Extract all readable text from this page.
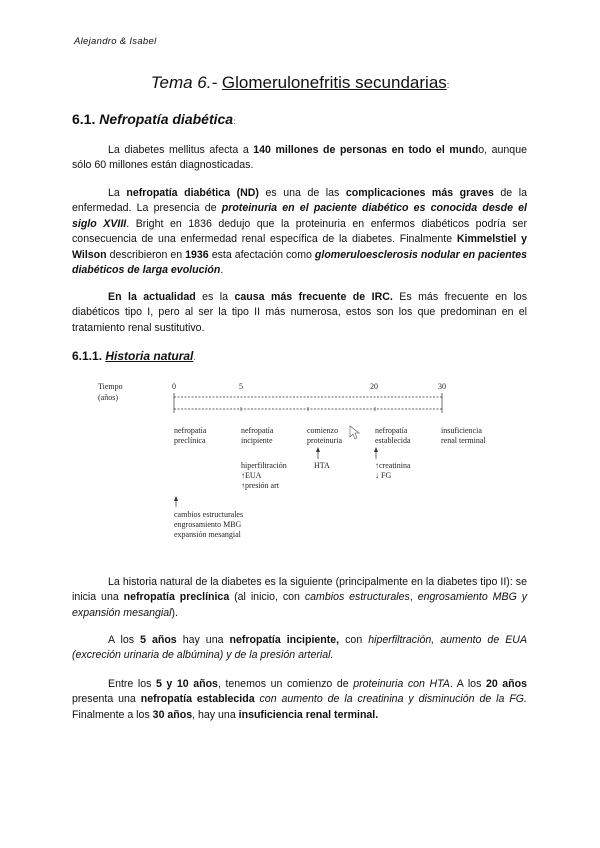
Alejandro & Isabel
Tema 6.- Glomerulonefritis secundarias:
6.1. Nefropatía diabética:
La diabetes mellitus afecta a 140 millones de personas en todo el mundo, aunque sólo 60 millones están diagnosticadas.
La nefropatía diabética (ND) es una de las complicaciones más graves de la enfermedad. La presencia de proteinuria en el paciente diabético es conocida desde el siglo XVIII. Bright en 1836 dedujo que la proteinuria en enfermos diabéticos podría ser consecuencia de una enfermedad renal específica de la diabetes. Finalmente Kimmelstiel y Wilson describieron en 1936 esta afectación como glomeruloesclerosis nodular en pacientes diabéticos de larga evolución.
En la actualidad es la causa más frecuente de IRC. Es más frecuente en los diabéticos tipo I, pero al ser la tipo II más numerosa, estos son los que predominan en el tratamiento renal sustitutivo.
6.1.1. Historia natural.
Tiempo
(años)
0	5	20	30
nefropatía
preclínica
nefropatía
incipiente
comienzo
proteinuria
nefropatía
establecida
insuficiencia
renal terminal
hiperfiltración
↑EUA
↑presión art
HTA	↑creatinina
↓ FG
cambios estructurales
engrosamiento MBG
expansión mesangial
La historia natural de la diabetes es la siguiente (principalmente en la diabetes tipo II): se inicia una nefropatía preclínica (al inicio, con cambios estructurales, engrosamiento MBG y expansión mesangial).
A los 5 años hay una nefropatía incipiente, con hiperfiltración, aumento de EUA (excreción urinaria de albúmina) y de la presión arterial.
Entre los 5 y 10 años, tenemos un comienzo de proteinuria con HTA. A los 20 años presenta una nefropatía establecida con aumento de la creatinina y disminución de la FG. Finalmente a los 30 años, hay una insuficiencia renal terminal.
